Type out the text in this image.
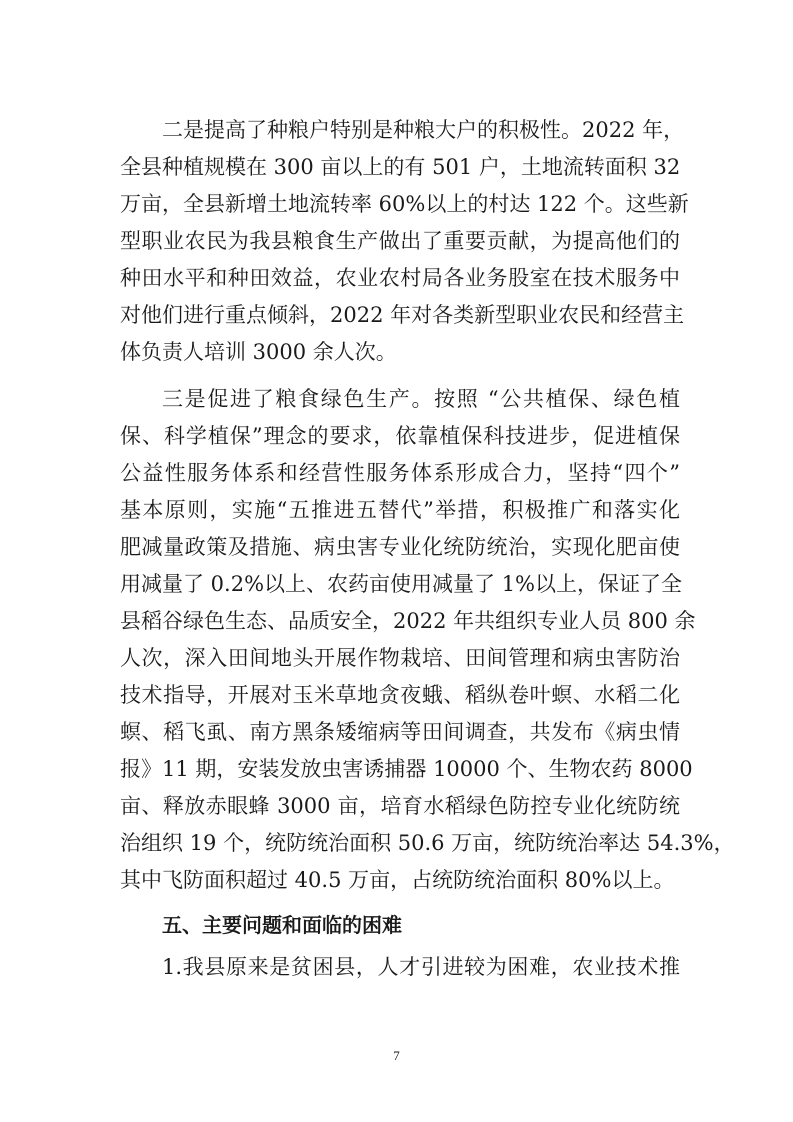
二是提高了种粮户特别是种粮大户的积极性。2022 年，
全县种植规模在 300 亩以上的有 501 户，土地流转面积 32
万亩，全县新增土地流转率 60%以上的村达 122 个。这些新
型职业农民为我县粮食生产做出了重要贡献，为提高他们的
种田水平和种田效益，农业农村局各业务股室在技术服务中
对他们进行重点倾斜，2022 年对各类新型职业农民和经营主
体负责人培训 3000 余人次。
三是促进了粮食绿色生产。按照 “公共植保、绿色植
保、科学植保”理念的要求，依靠植保科技进步，促进植保
公益性服务体系和经营性服务体系形成合力，坚持“四个”
基本原则，实施“五推进五替代”举措，积极推广和落实化
肥减量政策及措施、病虫害专业化统防统治，实现化肥亩使
用减量了 0.2%以上、农药亩使用减量了 1%以上，保证了全
县稻谷绿色生态、品质安全，2022 年共组织专业人员 800 余
人次，深入田间地头开展作物栽培、田间管理和病虫害防治
技术指导，开展对玉米草地贪夜蛾、稻纵卷叶螟、水稻二化
螟、稻飞虱、南方黑条矮缩病等田间调查，共发布《病虫情
报》11 期，安装发放虫害诱捕器 10000 个、生物农药 8000
亩、释放赤眼蜂 3000 亩，培育水稻绿色防控专业化统防统
治组织 19 个，统防统治面积 50.6 万亩，统防统治率达 54.3%，
其中飞防面积超过 40.5 万亩，占统防统治面积 80%以上。
五、主要问题和面临的困难
1.我县原来是贫困县，人才引进较为困难，农业技术推
7
